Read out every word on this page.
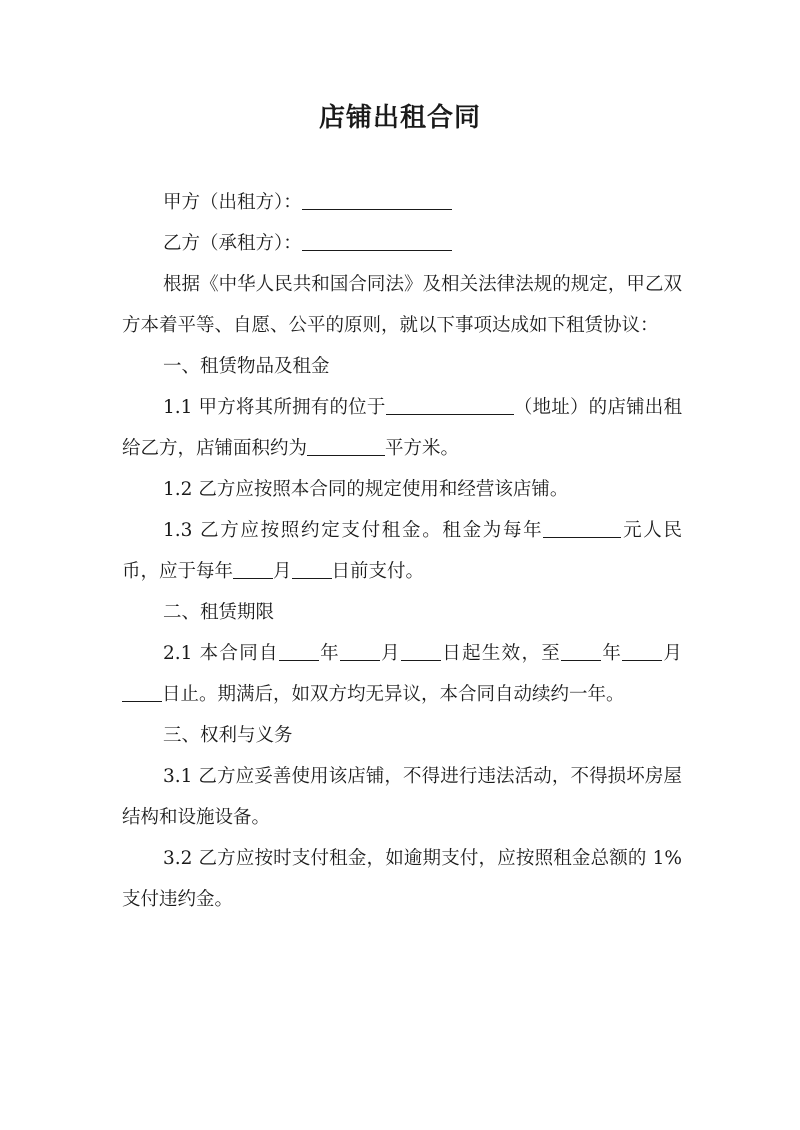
店铺出租合同

甲方（出租方）：

乙方（承租方）：

根据《中华人民共和国合同法》及相关法律法规的规定，甲乙双方本着平等、自愿、公平的原则，就以下事项达成如下租赁协议：

一、租赁物品及租金

1.1 甲方将其所拥有的位于	（地址）的店铺出租给乙方，店铺面积约为	平方米。

1.2 乙方应按照本合同的规定使用和经营该店铺。

1.3 乙方应按照约定支付租金。租金为每年	元人民币，应于每年 月 日前支付。

二、租赁期限

2.1 本合同自 年 月 日起生效，至 年 月日止。期满后，如双方均无异议，本合同自动续约一年。

三、权利与义务

3.1 乙方应妥善使用该店铺，不得进行违法活动，不得损坏房屋结构和设施设备。

3.2 乙方应按时支付租金，如逾期支付，应按照租金总额的 1%支付违约金。
